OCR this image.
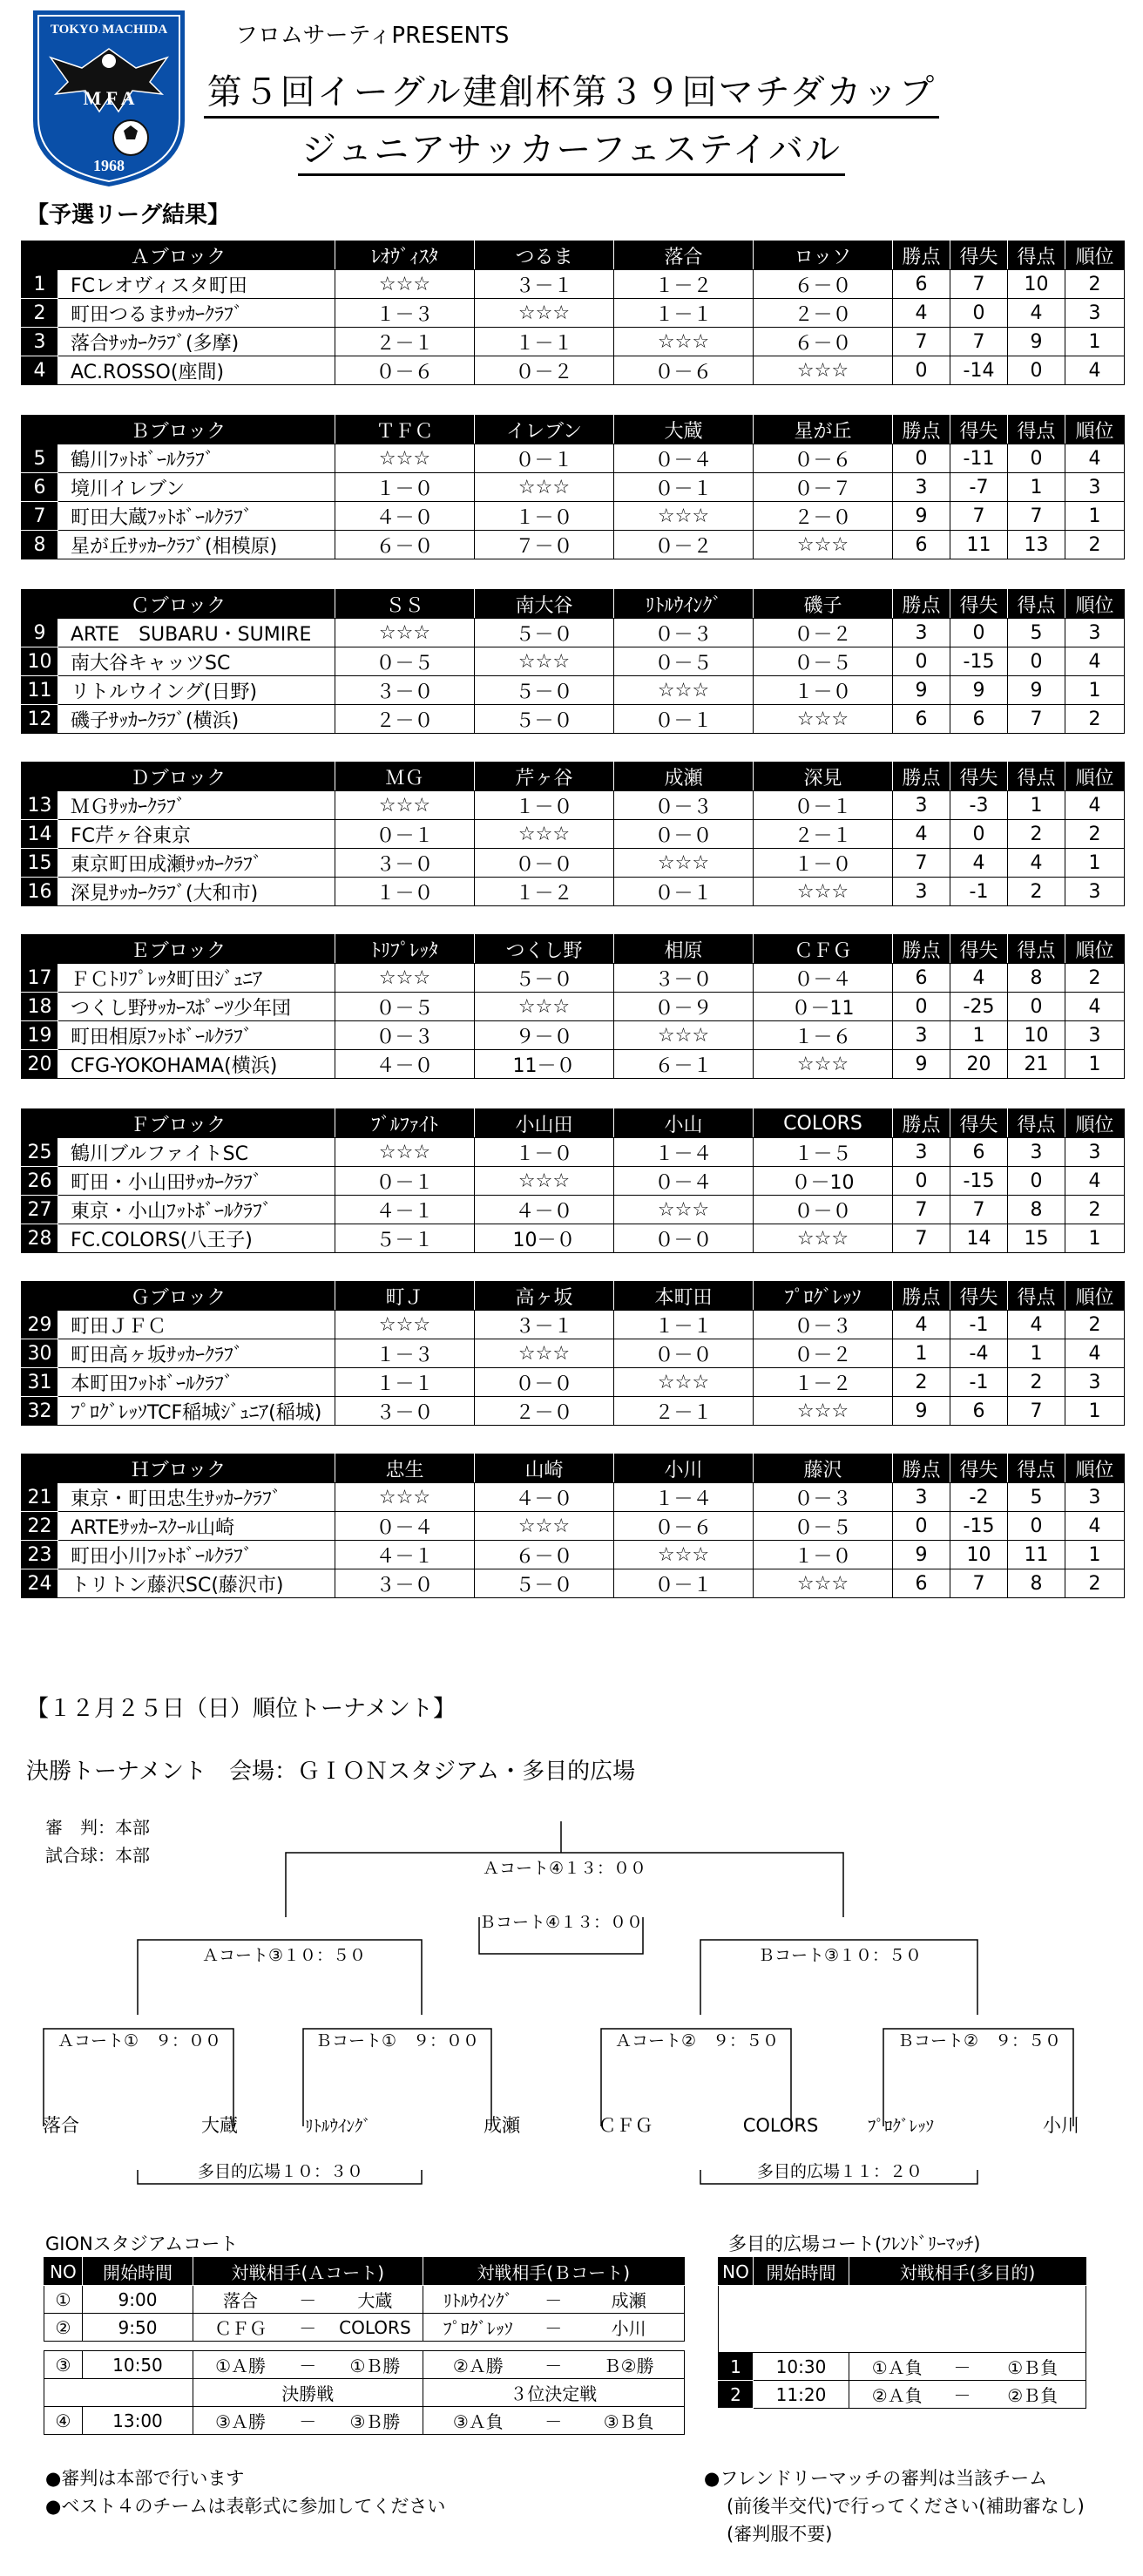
TOKYO MACHIDA
M F A
1968
フロムサーティPRESENTS
第５回イーグル建創杯第３９回マチダカップ
ジュニアサッカーフェステイバル
【予選リーグ結果】
Ａブロック		ﾚｵｳﾞｨｽﾀ	つるま	落合	ロッソ	勝点	得失	得点	順位
1	FCレオヴィスタ町田	☆☆☆	３－１	１－２	６－０	6	7	10	2
2	町田つるまｻｯｶｰｸﾗﾌﾞ	１－３	☆☆☆	１－１	２－０	4	0	4	3
3	落合ｻｯｶｰｸﾗﾌﾞ(多摩)	２－１	１－１	☆☆☆	６－０	7	7	9	1
4	AC.ROSSO(座間)	０－６	０－２	０－６	☆☆☆	0	-14	0	4
Ｂブロック		ＴＦＣ	イレブン	大蔵	星が丘	勝点	得失	得点	順位
5	鶴川ﾌｯﾄﾎﾞｰﾙｸﾗﾌﾞ	☆☆☆	０－１	０－４	０－６	0	-11	0	4
6	境川イレブン	１－０	☆☆☆	０－１	０－７	3	-7	1	3
7	町田大蔵ﾌｯﾄﾎﾞｰﾙｸﾗﾌﾞ	４－０	１－０	☆☆☆	２－０	9	7	7	1
8	星が丘ｻｯｶｰｸﾗﾌﾞ(相模原)	６－０	７－０	０－２	☆☆☆	6	11	13	2
Ｃブロック		ＳＳ	南大谷	ﾘﾄﾙｳｲﾝｸﾞ	磯子	勝点	得失	得点	順位
9	ARTE　SUBARU・SUMIRE	☆☆☆	５－０	０－３	０－２	3	0	5	3
10	南大谷キャッツSC	０－５	☆☆☆	０－５	０－５	0	-15	0	4
11	リトルウイング(日野)	３－０	５－０	☆☆☆	１－０	9	9	9	1
12	磯子ｻｯｶｰｸﾗﾌﾞ(横浜)	２－０	５－０	０－１	☆☆☆	6	6	7	2
Ｄブロック		ＭＧ	芹ヶ谷	成瀬	深見	勝点	得失	得点	順位
13	ＭＧｻｯｶｰｸﾗﾌﾞ	☆☆☆	１－０	０－３	０－１	3	-3	1	4
14	FC芹ヶ谷東京	０－１	☆☆☆	０－０	２－１	4	0	2	2
15	東京町田成瀬ｻｯｶｰｸﾗﾌﾞ	３－０	０－０	☆☆☆	１－０	7	4	4	1
16	深見ｻｯｶｰｸﾗﾌﾞ(大和市)	１－０	１－２	０－１	☆☆☆	3	-1	2	3
Ｅブロック		ﾄﾘﾌﾟﾚｯﾀ	つくし野	相原	ＣＦＧ	勝点	得失	得点	順位
17	ＦＣﾄﾘﾌﾟﾚｯﾀ町田ｼﾞｭﾆｱ	☆☆☆	５－０	３－０	０－４	6	4	8	2
18	つくし野ｻｯｶｰｽﾎﾟｰﾂ少年団	０－５	☆☆☆	０－９	０－11	0	-25	0	4
19	町田相原ﾌｯﾄﾎﾞｰﾙｸﾗﾌﾞ	０－３	９－０	☆☆☆	１－６	3	1	10	3
20	CFG-YOKOHAMA(横浜)	４－０	11－０	６－１	☆☆☆	9	20	21	1
Ｆブロック		ﾌﾞﾙﾌｧｲﾄ	小山田	小山	COLORS	勝点	得失	得点	順位
25	鶴川ブルファイトSC	☆☆☆	１－０	１－４	１－５	3	6	3	3
26	町田・小山田ｻｯｶｰｸﾗﾌﾞ	０－１	☆☆☆	０－４	０－10	0	-15	0	4
27	東京・小山ﾌｯﾄﾎﾞｰﾙｸﾗﾌﾞ	４－１	４－０	☆☆☆	０－０	7	7	8	2
28	FC.COLORS(八王子)	５－１	10－０	０－０	☆☆☆	7	14	15	1
Ｇブロック		町Ｊ	高ヶ坂	本町田	ﾌﾟﾛｸﾞﾚｯｿ	勝点	得失	得点	順位
29	町田ＪＦＣ	☆☆☆	３－１	１－１	０－３	4	-1	4	2
30	町田高ヶ坂ｻｯｶｰｸﾗﾌﾞ	１－３	☆☆☆	０－０	０－２	1	-4	1	4
31	本町田ﾌｯﾄﾎﾞｰﾙｸﾗﾌﾞ	１－１	０－０	☆☆☆	１－２	2	-1	2	3
32	ﾌﾟﾛｸﾞﾚｯｿTCF稲城ｼﾞｭﾆｱ(稲城)	３－０	２－０	２－１	☆☆☆	9	6	7	1
Ｈブロック		忠生	山崎	小川	藤沢	勝点	得失	得点	順位
21	東京・町田忠生ｻｯｶｰｸﾗﾌﾞ	☆☆☆	４－０	１－４	０－３	3	-2	5	3
22	ARTEｻｯｶｰｽｸｰﾙ山崎	０－４	☆☆☆	０－６	０－５	0	-15	0	4
23	町田小川ﾌｯﾄﾎﾞｰﾙｸﾗﾌﾞ	４－１	６－０	☆☆☆	１－０	9	10	11	1
24	トリトン藤沢SC(藤沢市)	３－０	５－０	０－１	☆☆☆	6	7	8	2
【１２月２５日（日）順位トーナメント】
決勝トーナメント　会場：ＧＩＯＮスタジアム・多目的広場
審　判：本部
試合球：本部
Ａコート④１３：００
Ｂコート④１３：００
Ａコート③１０：５０	Ｂコート③１０：５０
Ａコート①　９：００	Ｂコート①　９：００	Ａコート②　９：５０	Ｂコート②　９：５０
落合	大蔵	ﾘﾄﾙｳｲﾝｸﾞ	成瀬	ＣＦＧ	COLORS	ﾌﾟﾛｸﾞﾚｯｿ	小川
多目的広場１０：３０	多目的広場１１：２０
GIONスタジアムコート
NO	開始時間	対戦相手(Ａコート)			対戦相手(Ｂコート)		
①	9:00	落合	－	大蔵	ﾘﾄﾙｳｲﾝｸﾞ	－	成瀬
②	9:50	ＣＦＧ	－	COLORS	ﾌﾟﾛｸﾞﾚｯｿ	－	小川

③	10:50	①Ａ勝	－	①Ｂ勝	②Ａ勝	－	Ｂ②勝
		決勝戦			３位決定戦		
④	13:00	③Ａ勝	－	③Ｂ勝	③Ａ負	－	③Ｂ負
●審判は本部で行います
●ベスト４のチームは表彰式に参加してください
多目的広場コート(ﾌﾚﾝﾄﾞﾘｰﾏｯﾁ)
NO	開始時間	対戦相手(多目的)		

1	10:30	①Ａ負	－	①Ｂ負
2	11:20	②Ａ負	－	②Ｂ負
●フレンドリーマッチの審判は当該チーム
(前後半交代)で行ってください(補助審なし)
(審判服不要)
